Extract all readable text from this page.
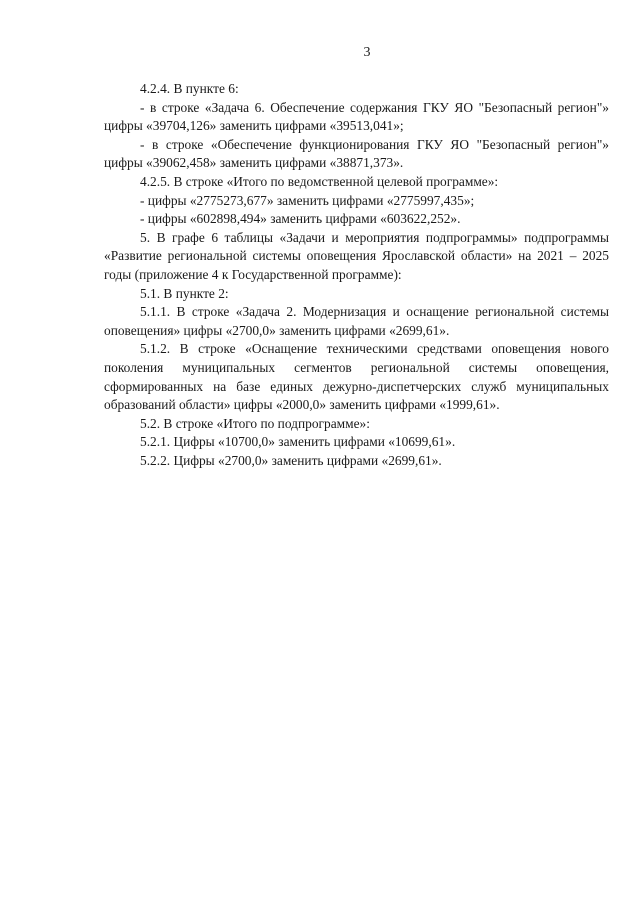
3

4.2.4. В пункте 6:

- в строке «Задача 6. Обеспечение содержания ГКУ ЯО "Безопасный регион"» цифры «39704,126» заменить цифрами «39513,041»;

- в строке «Обеспечение функционирования ГКУ ЯО "Безопасный регион"» цифры «39062,458» заменить цифрами «38871,373».

4.2.5. В строке «Итого по ведомственной целевой программе»:

- цифры «2775273,677» заменить цифрами «2775997,435»;

- цифры «602898,494» заменить цифрами «603622,252».

5. В графе 6 таблицы «Задачи и мероприятия подпрограммы» подпрограммы «Развитие региональной системы оповещения Ярославской области» на 2021 – 2025 годы (приложение 4 к Государственной программе):

5.1. В пункте 2:

5.1.1. В строке «Задача 2. Модернизация и оснащение региональной системы оповещения» цифры «2700,0» заменить цифрами «2699,61».

5.1.2. В строке «Оснащение техническими средствами оповещения нового поколения муниципальных сегментов региональной системы оповещения, сформированных на базе единых дежурно-диспетчерских служб муниципальных образований области» цифры «2000,0» заменить цифрами «1999,61».

5.2. В строке «Итого по подпрограмме»:

5.2.1. Цифры «10700,0» заменить цифрами «10699,61».

5.2.2. Цифры «2700,0» заменить цифрами «2699,61».
